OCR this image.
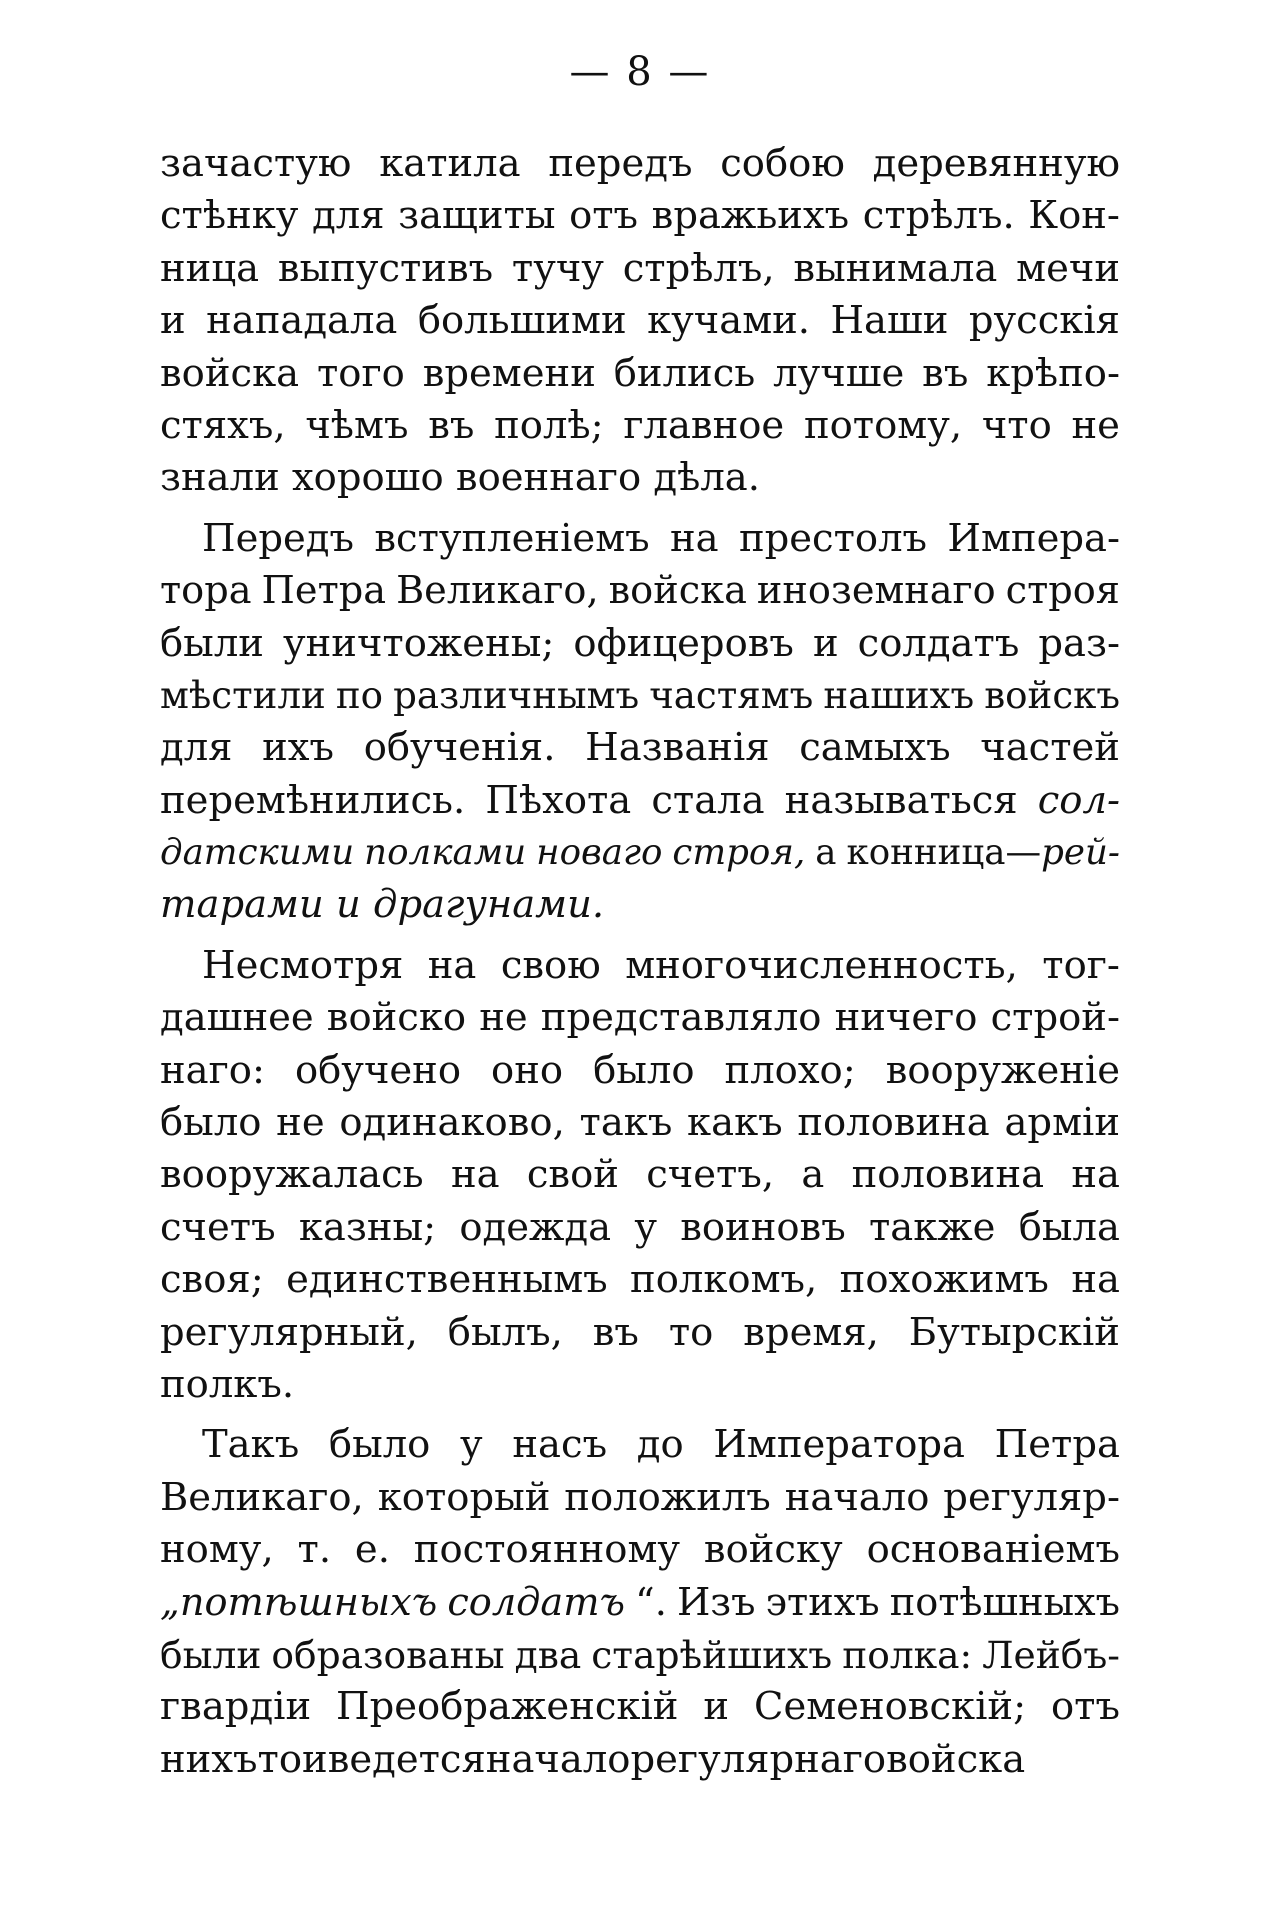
— 8 —
зачастую катила передъ собою деревянную
стѣнку для защиты отъ вражьихъ стрѣлъ. Кон-
ница выпустивъ тучу стрѣлъ, вынимала мечи
и нападала большими кучами. Наши русскія
войска того времени бились лучше въ крѣпо-
стяхъ, чѣмъ въ полѣ; главное потому, что не
знали хорошо военнаго дѣла.
Передъ вступленіемъ на престолъ Импера-
тора Петра Великаго, войска иноземнаго строя
были уничтожены; офицеровъ и солдатъ раз-
мѣстили по различнымъ частямъ нашихъ войскъ
для ихъ обученія. Названія самыхъ частей
перемѣнились. Пѣхота стала называться сол-
датскими полками новаго строя, а конница—рей-
тарами и драгунами.
Несмотря на свою многочисленность, тог-
дашнее войско не представляло ничего строй-
наго: обучено оно было плохо; вооруженіе
было не одинаково, такъ какъ половина арміи
вооружалась на свой счетъ, а половина на
счетъ казны; одежда у воиновъ также была
своя; единственнымъ полкомъ, похожимъ на
регулярный, былъ, въ то время, Бутырскій
полкъ.
Такъ было у насъ до Императора Петра
Великаго, который положилъ начало регуляр-
ному, т. е. постоянному войску основаніемъ
„потѣшныхъ солдатъ “. Изъ этихъ потѣшныхъ
были образованы два старѣйшихъ полка: Лейбъ-
гвардіи Преображенскій и Семеновскій; отъ
нихъ то и ведется начало регулярнаго войска
